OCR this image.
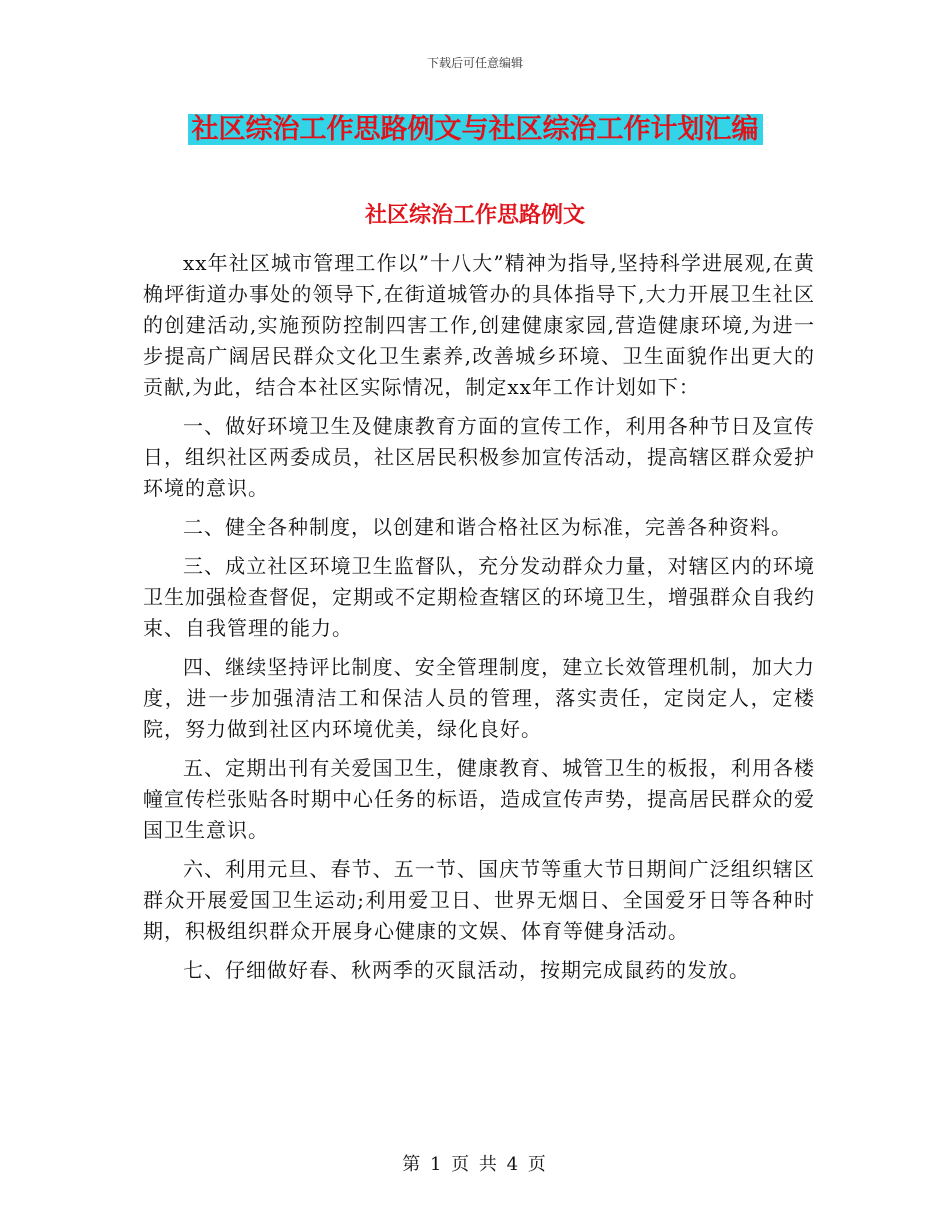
下载后可任意编辑
社区综治工作思路例文与社区综治工作计划汇编
社区综治工作思路例文

xx年社区城市管理工作以”十八大”精神为指导,坚持科学进展观,在黄桷坪街道办事处的领导下,在街道城管办的具体指导下,大力开展卫生社区的创建活动,实施预防控制四害工作,创建健康家园,营造健康环境,为进一步提高广阔居民群众文化卫生素养,改善城乡环境、卫生面貌作出更大的贡献,为此，结合本社区实际情况，制定xx年工作计划如下：

一、做好环境卫生及健康教育方面的宣传工作，利用各种节日及宣传日，组织社区两委成员，社区居民积极参加宣传活动，提高辖区群众爱护环境的意识。

二、健全各种制度，以创建和谐合格社区为标准，完善各种资料。

三、成立社区环境卫生监督队，充分发动群众力量，对辖区内的环境卫生加强检查督促，定期或不定期检查辖区的环境卫生，增强群众自我约束、自我管理的能力。

四、继续坚持评比制度、安全管理制度，建立长效管理机制，加大力度，进一步加强清洁工和保洁人员的管理，落实责任，定岗定人，定楼院，努力做到社区内环境优美，绿化良好。

五、定期出刊有关爱国卫生，健康教育、城管卫生的板报，利用各楼幢宣传栏张贴各时期中心任务的标语，造成宣传声势，提高居民群众的爱国卫生意识。

六、利用元旦、春节、五一节、国庆节等重大节日期间广泛组织辖区群众开展爱国卫生运动;利用爱卫日、世界无烟日、全国爱牙日等各种时期，积极组织群众开展身心健康的文娱、体育等健身活动。

七、仔细做好春、秋两季的灭鼠活动，按期完成鼠药的发放。

第 1 页 共 4 页
